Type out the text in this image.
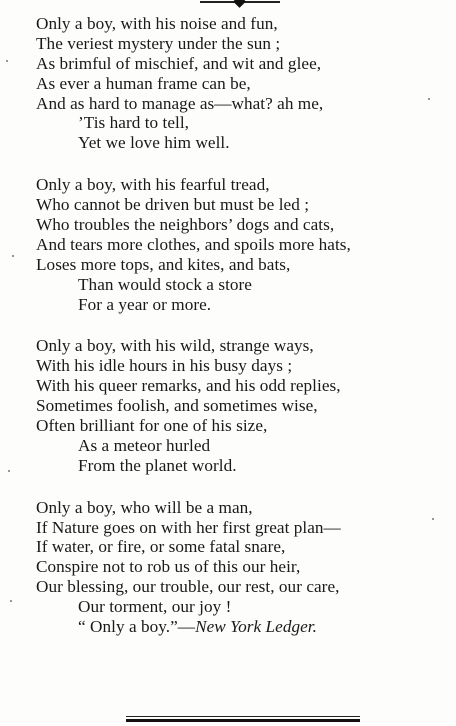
Only a boy, with his noise and fun,
The veriest mystery under the sun ;
As brimful of mischief, and wit and glee,
As ever a human frame can be,
And as hard to manage as—what? ah me,
’Tis hard to tell,
Yet we love him well.
Only a boy, with his fearful tread,
Who cannot be driven but must be led ;
Who troubles the neighbors’ dogs and cats,
And tears more clothes, and spoils more hats,
Loses more tops, and kites, and bats,
Than would stock a store
For a year or more.
Only a boy, with his wild, strange ways,
With his idle hours in his busy days ;
With his queer remarks, and his odd replies,
Sometimes foolish, and sometimes wise,
Often brilliant for one of his size,
As a meteor hurled
From the planet world.
Only a boy, who will be a man,
If Nature goes on with her first great plan—
If water, or fire, or some fatal snare,
Conspire not to rob us of this our heir,
Our blessing, our trouble, our rest, our care,
Our torment, our joy !
“ Only a boy.”—New York Ledger.
